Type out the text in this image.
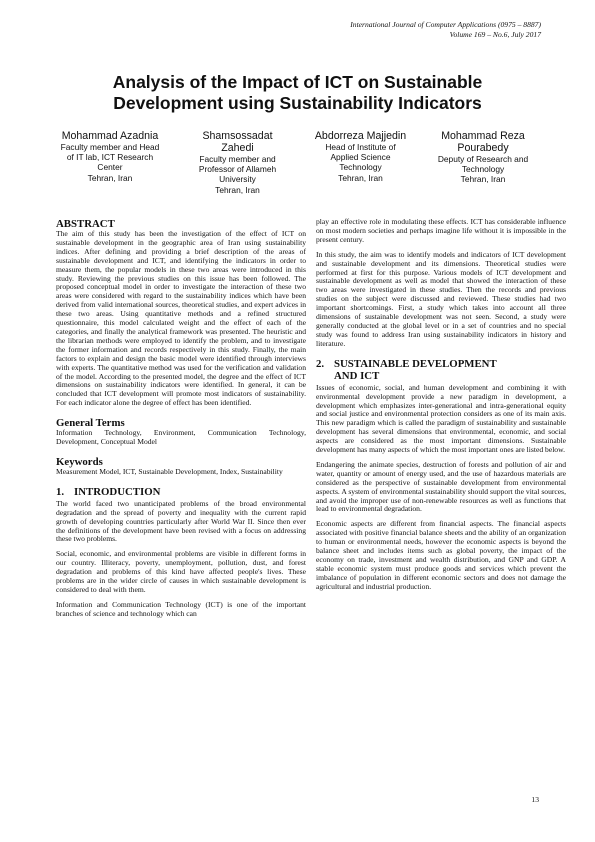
International Journal of Computer Applications (0975 – 8887)
Volume 169 – No.6, July 2017
Analysis of the Impact of ICT on Sustainable
Development using Sustainability Indicators
Mohammad Azadnia
Faculty member and Head
of IT lab, ICT Research
Center
Tehran, Iran
Shamsossadat
Zahedi
Faculty member and
Professor of Allameh
University
Tehran, Iran
Abdorreza Majjedin
Head of Institute of
Applied Science
Technology
Tehran, Iran
Mohammad Reza
Pourabedy
Deputy of Research and
Technology
Tehran, Iran
ABSTRACT

The aim of this study has been the investigation of the effect of ICT on sustainable development in the geographic area of Iran using sustainability indices. After defining and providing a brief description of the areas of sustainable development and ICT, and identifying the indicators in order to measure them, the popular models in these two areas were introduced in this study. Reviewing the previous studies on this issue has been followed. The proposed conceptual model in order to investigate the interaction of these two areas were considered with regard to the sustainability indices which have been derived from valid international sources, theoretical studies, and expert advices in these two areas. Using quantitative methods and a refined structured questionnaire, this model calculated weight and the effect of each of the categories, and finally the analytical framework was presented. The heuristic and the librarian methods were employed to identify the problem, and to investigate the former information and records respectively in this study. Finally, the main factors to explain and design the basic model were identified through interviews with experts. The quantitative method was used for the verification and validation of the model. According to the presented model, the degree and the effect of ICT dimensions on sustainability indicators were identified. In general, it can be concluded that ICT development will promote most indicators of sustainability. For each indicator alone the degree of effect has been identified.

General Terms

Information Technology, Environment, Communication Technology, Development, Conceptual Model

Keywords

Measurement Model, ICT, Sustainable Development, Index, Sustainability

1. INTRODUCTION

The world faced two unanticipated problems of the broad environmental degradation and the spread of poverty and inequality with the current rapid growth of developing countries particularly after World War II. Since then ever the definitions of the development have been revised with a focus on addressing these two problems.

Social, economic, and environmental problems are visible in different forms in our country. Illiteracy, poverty, unemployment, pollution, dust, and forest degradation and problems of this kind have affected people's lives. These problems are in the wider circle of causes in which sustainable development is considered to deal with them.

Information and Communication Technology (ICT) is one of the important branches of science and technology which can

play an effective role in modulating these effects. ICT has considerable influence on most modern societies and perhaps imagine life without it is impossible in the present century.

In this study, the aim was to identify models and indicators of ICT development and sustainable development and its dimensions. Theoretical studies were performed at first for this purpose. Various models of ICT development and sustainable development as well as model that showed the interaction of these two areas were investigated in these studies. Then the records and previous studies on the subject were discussed and reviewed. These studies had two important shortcomings. First, a study which takes into account all three dimensions of sustainable development was not seen. Second, a study were generally conducted at the global level or in a set of countries and no special study was found to address Iran using sustainability indicators in history and literature.

2. SUSTAINABLE DEVELOPMENT
AND ICT

Issues of economic, social, and human development and combining it with environmental development provide a new paradigm in development, a development which emphasizes inter-generational and intra-generational equity and social justice and environmental protection considers as one of its main axis. This new paradigm which is called the paradigm of sustainability and sustainable development has several dimensions that environmental, economic, and social aspects are considered as the most important dimensions. Sustainable development has many aspects of which the most important ones are listed below.

Endangering the animate species, destruction of forests and pollution of air and water, quantity or amount of energy used, and the use of hazardous materials are considered as the perspective of sustainable development from environmental aspects. A system of environmental sustainability should support the vital sources, and avoid the improper use of non-renewable resources as well as functions that lead to environmental degradation.

Economic aspects are different from financial aspects. The financial aspects associated with positive financial balance sheets and the ability of an organization to human or environmental needs, however the economic aspects is beyond the balance sheet and includes items such as global poverty, the impact of the economy on trade, investment and wealth distribution, and GNP and GDP. A stable economic system must produce goods and services which prevent the imbalance of population in different economic sectors and does not damage the agricultural and industrial production.

13
